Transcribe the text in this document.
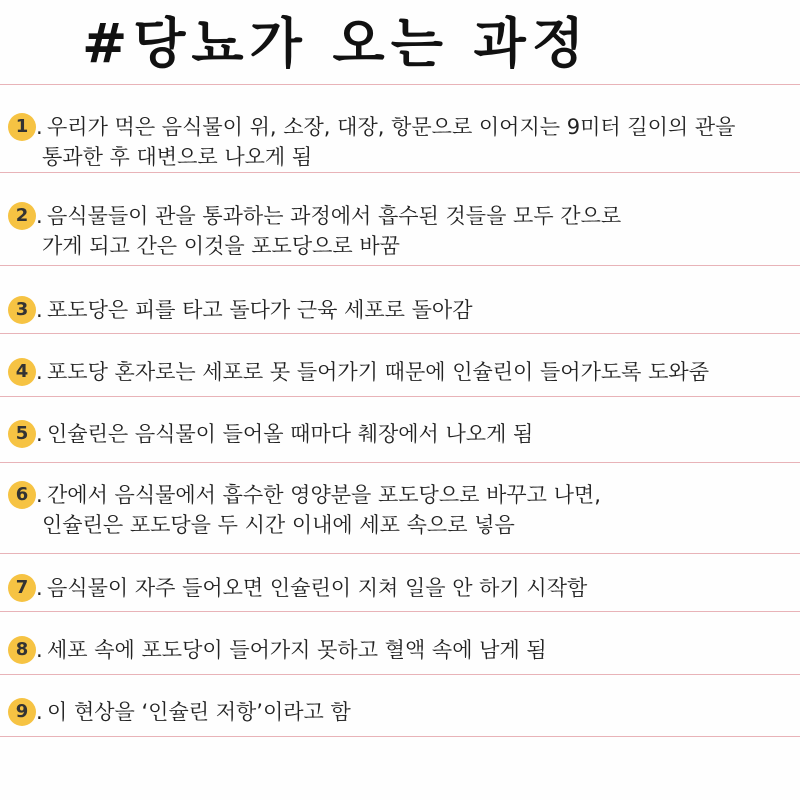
#당뇨가 오는 과정
1 . 우리가 먹은 음식물이 위, 소장, 대장, 항문으로 이어지는 9미터 길이의 관을
통과한 후 대변으로 나오게 됨
2 . 음식물들이 관을 통과하는 과정에서 흡수된 것들을 모두 간으로
가게 되고 간은 이것을 포도당으로 바꿈
3 . 포도당은 피를 타고 돌다가 근육 세포로 돌아감
4 . 포도당 혼자로는 세포로 못 들어가기 때문에 인슐린이 들어가도록 도와줌
5 . 인슐린은 음식물이 들어올 때마다 췌장에서 나오게 됨
6 . 간에서 음식물에서 흡수한 영양분을 포도당으로 바꾸고 나면,
인슐린은 포도당을 두 시간 이내에 세포 속으로 넣음
7 . 음식물이 자주 들어오면 인슐린이 지쳐 일을 안 하기 시작함
8 . 세포 속에 포도당이 들어가지 못하고 혈액 속에 남게 됨
9 . 이 현상을 ‘인슐린 저항’이라고 함
